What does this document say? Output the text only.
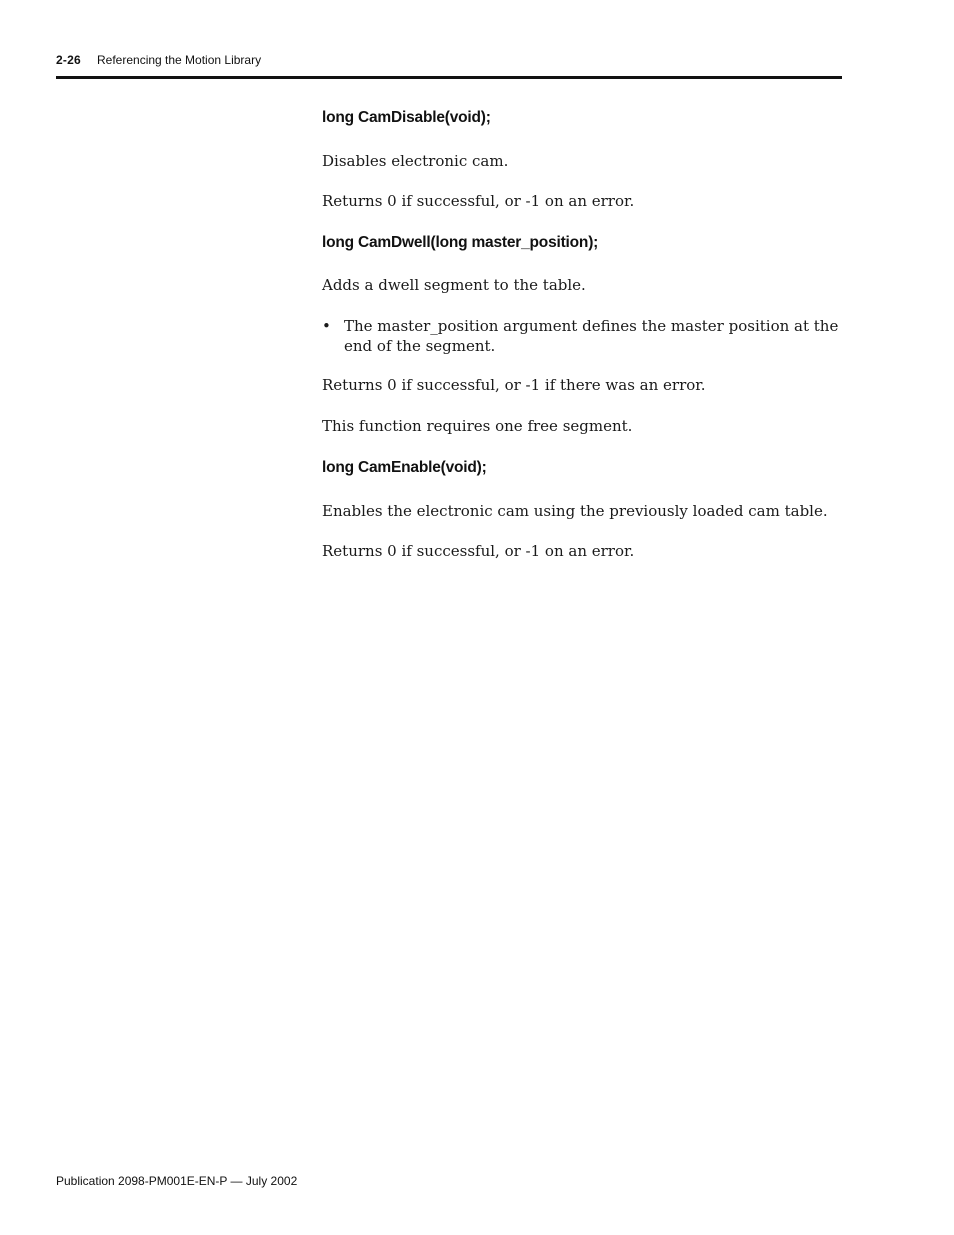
2-26 Referencing the Motion Library
long CamDisable(void);

Disables electronic cam.

Returns 0 if successful, or -1 on an error.

long CamDwell(long master_position);

Adds a dwell segment to the table.

• The master_position argument defines the master position at the end of the segment.

Returns 0 if successful, or -1 if there was an error.

This function requires one free segment.

long CamEnable(void);

Enables the electronic cam using the previously loaded cam table.

Returns 0 if successful, or -1 on an error.

Publication 2098-PM001E-EN-P — July 2002
